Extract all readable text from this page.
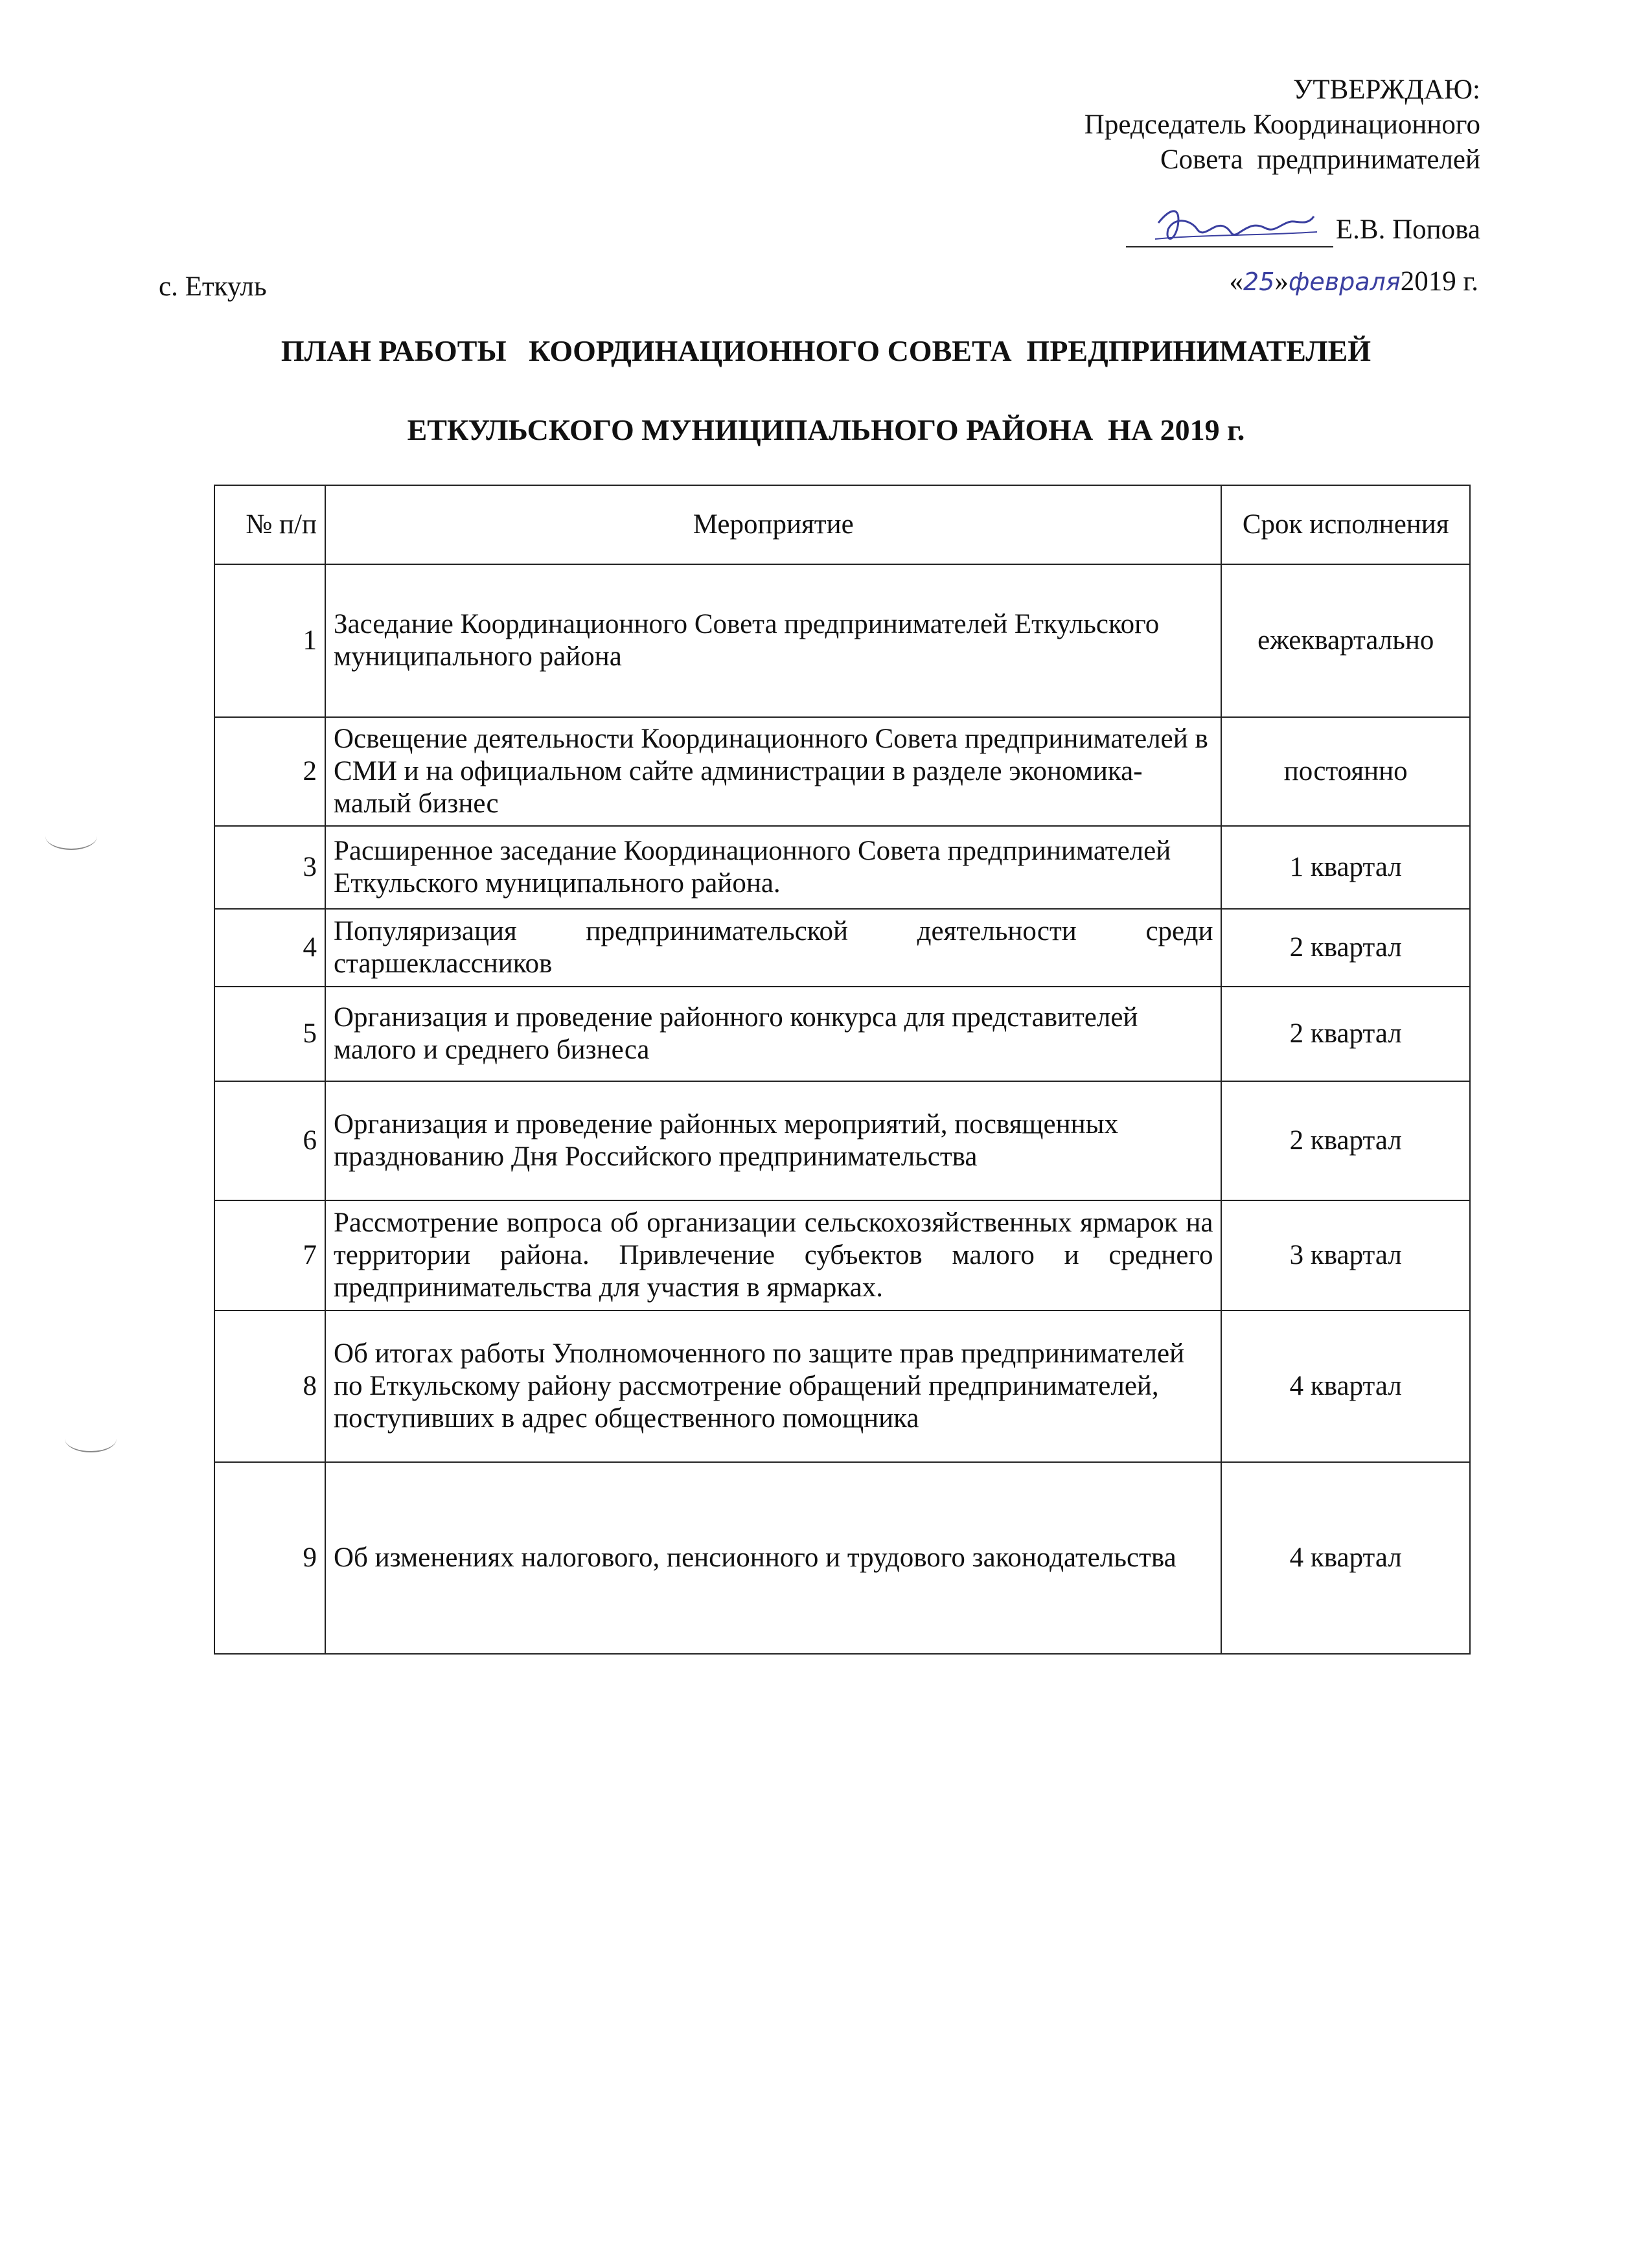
УТВЕРЖДАЮ:
Председатель Координационного
Совета  предпринимателей

Е.В. Попова

с. Еткуль	«25»февраля2019 г.
ПЛАН РАБОТЫ   КООРДИНАЦИОННОГО СОВЕТА  ПРЕДПРИНИМАТЕЛЕЙ
ЕТКУЛЬСКОГО МУНИЦИПАЛЬНОГО РАЙОНА  НА 2019 г.
№ п/п	Мероприятие	Срок исполнения
1	Заседание Координационного Совета предпринимателей Еткульского муниципального района	ежеквартально
2	Освещение деятельности Координационного Совета предпринимателей в СМИ и на официальном сайте администрации в разделе экономика-малый бизнес	постоянно
3	Расширенное заседание Координационного Совета предпринимателей Еткульского муниципального района.	1 квартал
4	Популяризация предпринимательской деятельности среди старшеклассников	2 квартал
5	Организация и проведение районного конкурса для представителей малого и среднего бизнеса	2 квартал
6	Организация и проведение районных мероприятий, посвященных празднованию Дня Российского предпринимательства	2 квартал
7	Рассмотрение вопроса об организации сельскохозяйственных ярмарок на территории района. Привлечение субъектов малого и среднего предпринимательства для участия в ярмарках.	3 квартал
8	Об итогах работы Уполномоченного по защите прав предпринимателей по Еткульскому району рассмотрение обращений предпринимателей, поступивших в адрес общественного помощника	4 квартал
9	Об изменениях налогового, пенсионного и трудового законодательства	4 квартал
